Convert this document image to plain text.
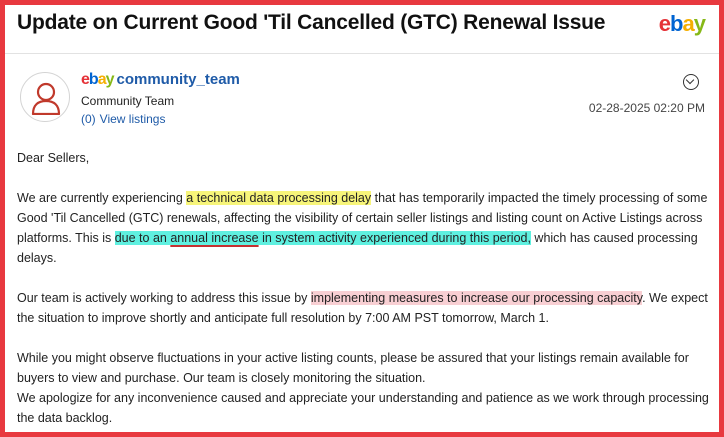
Update on Current Good 'Til Cancelled (GTC) Renewal Issue ebay
ebay community_team
Community Team
(0) View listings
02-28-2025 02:20 PM

Dear Sellers,

We are currently experiencing a technical data processing delay that has temporarily impacted the timely processing of some Good 'Til Cancelled (GTC) renewals, affecting the visibility of certain seller listings and listing count on Active Listings across platforms. This is due to an annual increase in system activity experienced during this period, which has caused processing delays.

Our team is actively working to address this issue by implementing measures to increase our processing capacity. We expect the situation to improve shortly and anticipate full resolution by 7:00 AM PST tomorrow, March 1.

While you might observe fluctuations in your active listing counts, please be assured that your listings remain available for buyers to view and purchase. Our team is closely monitoring the situation.

We apologize for any inconvenience caused and appreciate your understanding and patience as we work through processing the data backlog.
